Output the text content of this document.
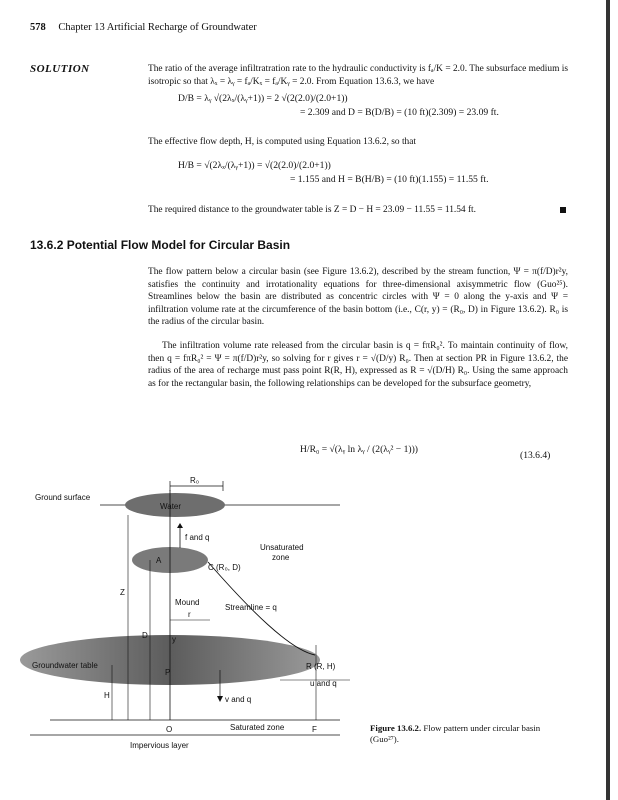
578 Chapter 13 Artificial Recharge of Groundwater
SOLUTION	The ratio of the average infiltratration rate to the hydraulic conductivity is fₐ/K = 2.0. The subsurface medium is isotropic so that λₓ = λᵧ = fₐ/Kₓ = fₐ/Kᵧ = 2.0. From Equation 13.6.3, we have
D/B = λᵧ √(2λₓ/(λᵧ+1)) = 2 √(2(2.0)/(2.0+1))
= 2.309 and D = B(D/B) = (10 ft)(2.309) = 23.09 ft.
The effective flow depth, H, is computed using Equation 13.6.2, so that
H/B = √(2λₓ/(λᵧ+1)) = √(2(2.0)/(2.0+1))
= 1.155 and H = B(H/B) = (10 ft)(1.155) = 11.55 ft.
The required distance to the groundwater table is Z = D − H = 23.09 − 11.55 = 11.54 ft.
13.6.2 Potential Flow Model for Circular Basin
The flow pattern below a circular basin (see Figure 13.6.2), described by the stream function, Ψ = π(f/D)r²y, satisfies the continuity and irrotationality equations for three-dimensional axisymmetric flow (Guo²⁵). Streamlines below the basin are distributed as concentric circles with Ψ = 0 along the y-axis and Ψ = infiltration volume rate at the circumference of the basin bottom (i.e., C(r, y) = (R₀, D) in Figure 13.6.2). R₀ is the radius of the circular basin.
The infiltration volume rate released from the circular basin is q = fπR₀². To maintain continuity of flow, then q = fπR₀² = Ψ = π(f/D)r²y, so solving for r gives r = √(D/y) R₀. Then at section PR in Figure 13.6.2, the radius of the area of recharge must pass point R(R, H), expressed as R = √(D/H) R₀. Using the same approach as for the rectangular basin, the following relationships can be developed for the subsurface geometry,
H/R₀ = √(λᵧ ln λᵧ / (2(λᵧ² − 1)))
(13.6.4)
Ground surface
R₀
Water
f and q
A
C (R₀, D)
Unsaturated
zone
Z
Mound
Streamline = q
r
D	y
Groundwater table
P
R (R, H)
u and q
H	v and q
O	F
Saturated zone
Impervious layer
Figure 13.6.2. Flow pattern under circular basin (Guo²⁷).
